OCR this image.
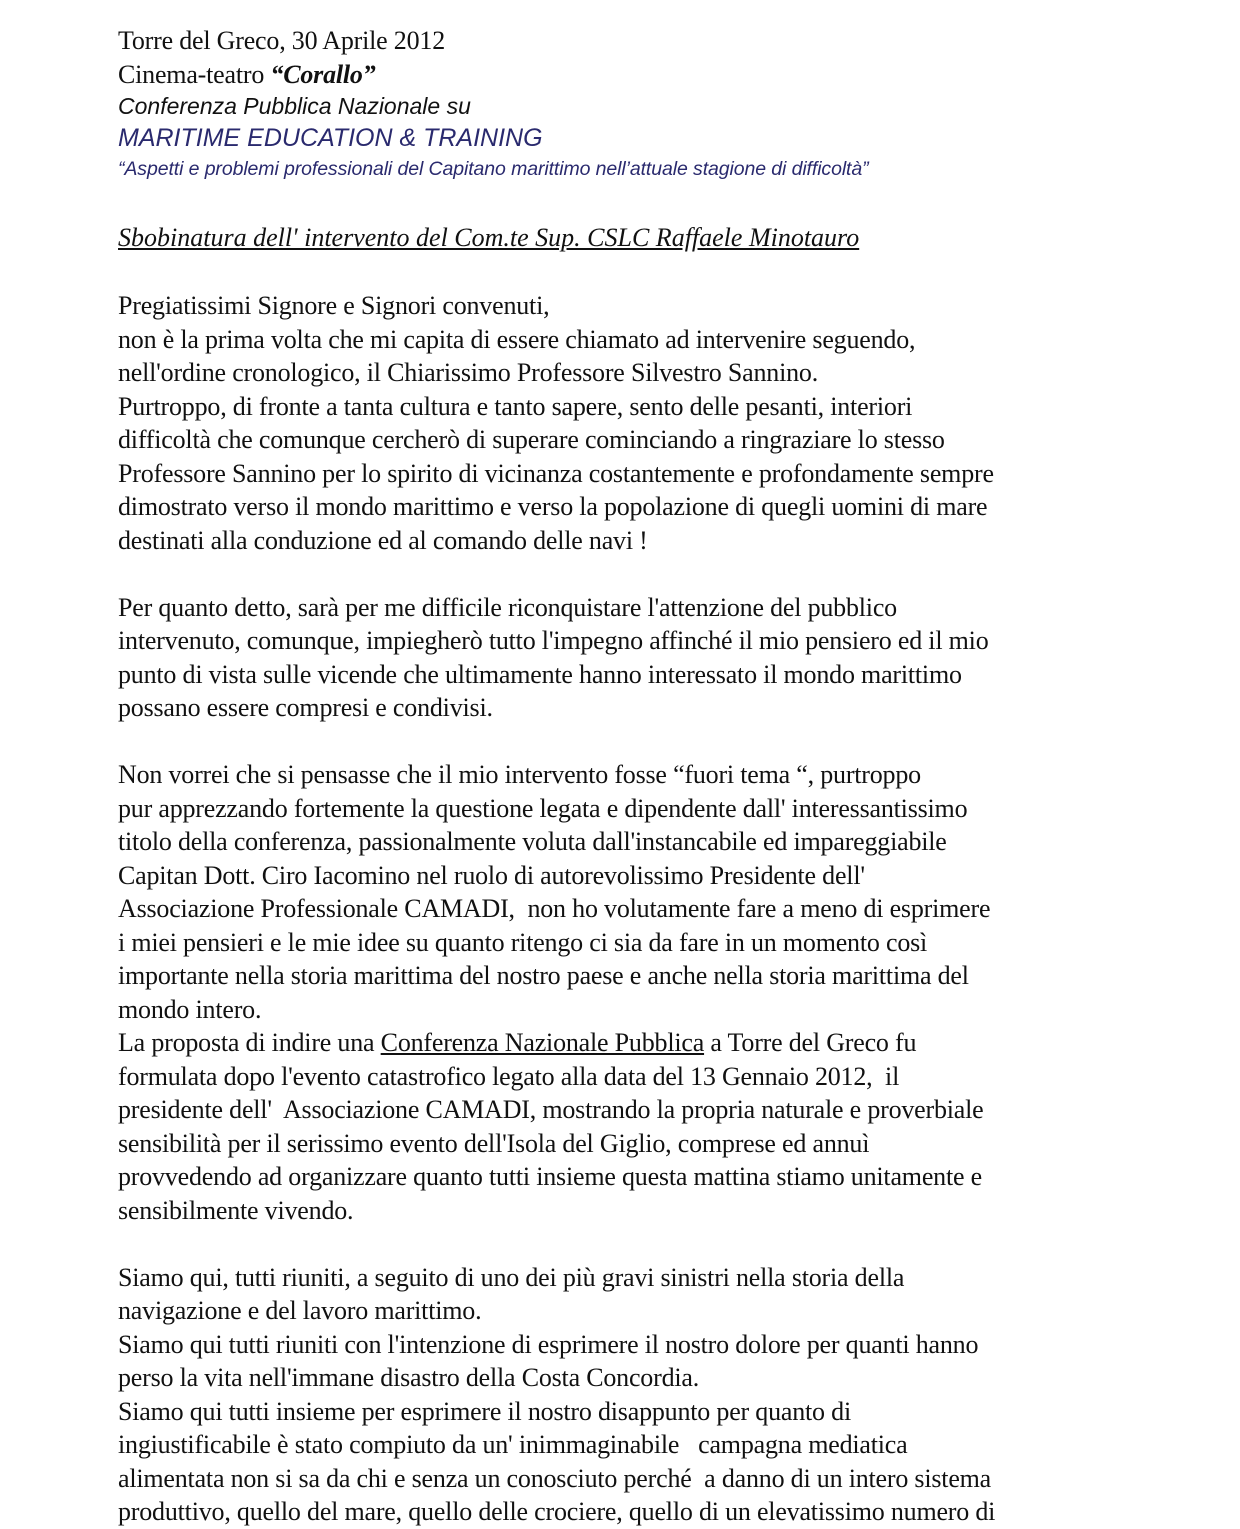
Torre del Greco, 30 Aprile 2012
Cinema-teatro “Corallo”
Conferenza Pubblica Nazionale su
MARITIME EDUCATION & TRAINING
“Aspetti e problemi professionali del Capitano marittimo nell’attuale stagione di difficoltà”
Sbobinatura dell' intervento del Com.te Sup. CSLC Raffaele Minotauro
Pregiatissimi Signore e Signori convenuti,
non è la prima volta che mi capita di essere chiamato ad intervenire seguendo,
nell'ordine cronologico, il Chiarissimo Professore Silvestro Sannino.
Purtroppo, di fronte a tanta cultura e tanto sapere, sento delle pesanti, interiori
difficoltà che comunque cercherò di superare cominciando a ringraziare lo stesso
Professore Sannino per lo spirito di vicinanza costantemente e profondamente sempre
dimostrato verso il mondo marittimo e verso la popolazione di quegli uomini di mare
destinati alla conduzione ed al comando delle navi !
Per quanto detto, sarà per me difficile riconquistare l'attenzione del pubblico
intervenuto, comunque, impiegherò tutto l'impegno affinché il mio pensiero ed il mio
punto di vista sulle vicende che ultimamente hanno interessato il mondo marittimo
possano essere compresi e condivisi.
Non vorrei che si pensasse che il mio intervento fosse “fuori tema “, purtroppo
pur apprezzando fortemente la questione legata e dipendente dall' interessantissimo
titolo della conferenza, passionalmente voluta dall'instancabile ed impareggiabile
Capitan Dott. Ciro Iacomino nel ruolo di autorevolissimo Presidente dell'
Associazione Professionale CAMADI,  non ho volutamente fare a meno di esprimere
i miei pensieri e le mie idee su quanto ritengo ci sia da fare in un momento così
importante nella storia marittima del nostro paese e anche nella storia marittima del
mondo intero.
La proposta di indire una Conferenza Nazionale Pubblica a Torre del Greco fu
formulata dopo l'evento catastrofico legato alla data del 13 Gennaio 2012,  il
presidente dell'  Associazione CAMADI, mostrando la propria naturale e proverbiale
sensibilità per il serissimo evento dell'Isola del Giglio, comprese ed annuì
provvedendo ad organizzare quanto tutti insieme questa mattina stiamo unitamente e
sensibilmente vivendo.
Siamo qui, tutti riuniti, a seguito di uno dei più gravi sinistri nella storia della
navigazione e del lavoro marittimo.
Siamo qui tutti riuniti con l'intenzione di esprimere il nostro dolore per quanti hanno
perso la vita nell'immane disastro della Costa Concordia.
Siamo qui tutti insieme per esprimere il nostro disappunto per quanto di
ingiustificabile è stato compiuto da un' inimmaginabile   campagna mediatica
alimentata non si sa da chi e senza un conosciuto perché  a danno di un intero sistema
produttivo, quello del mare, quello delle crociere, quello di un elevatissimo numero di
